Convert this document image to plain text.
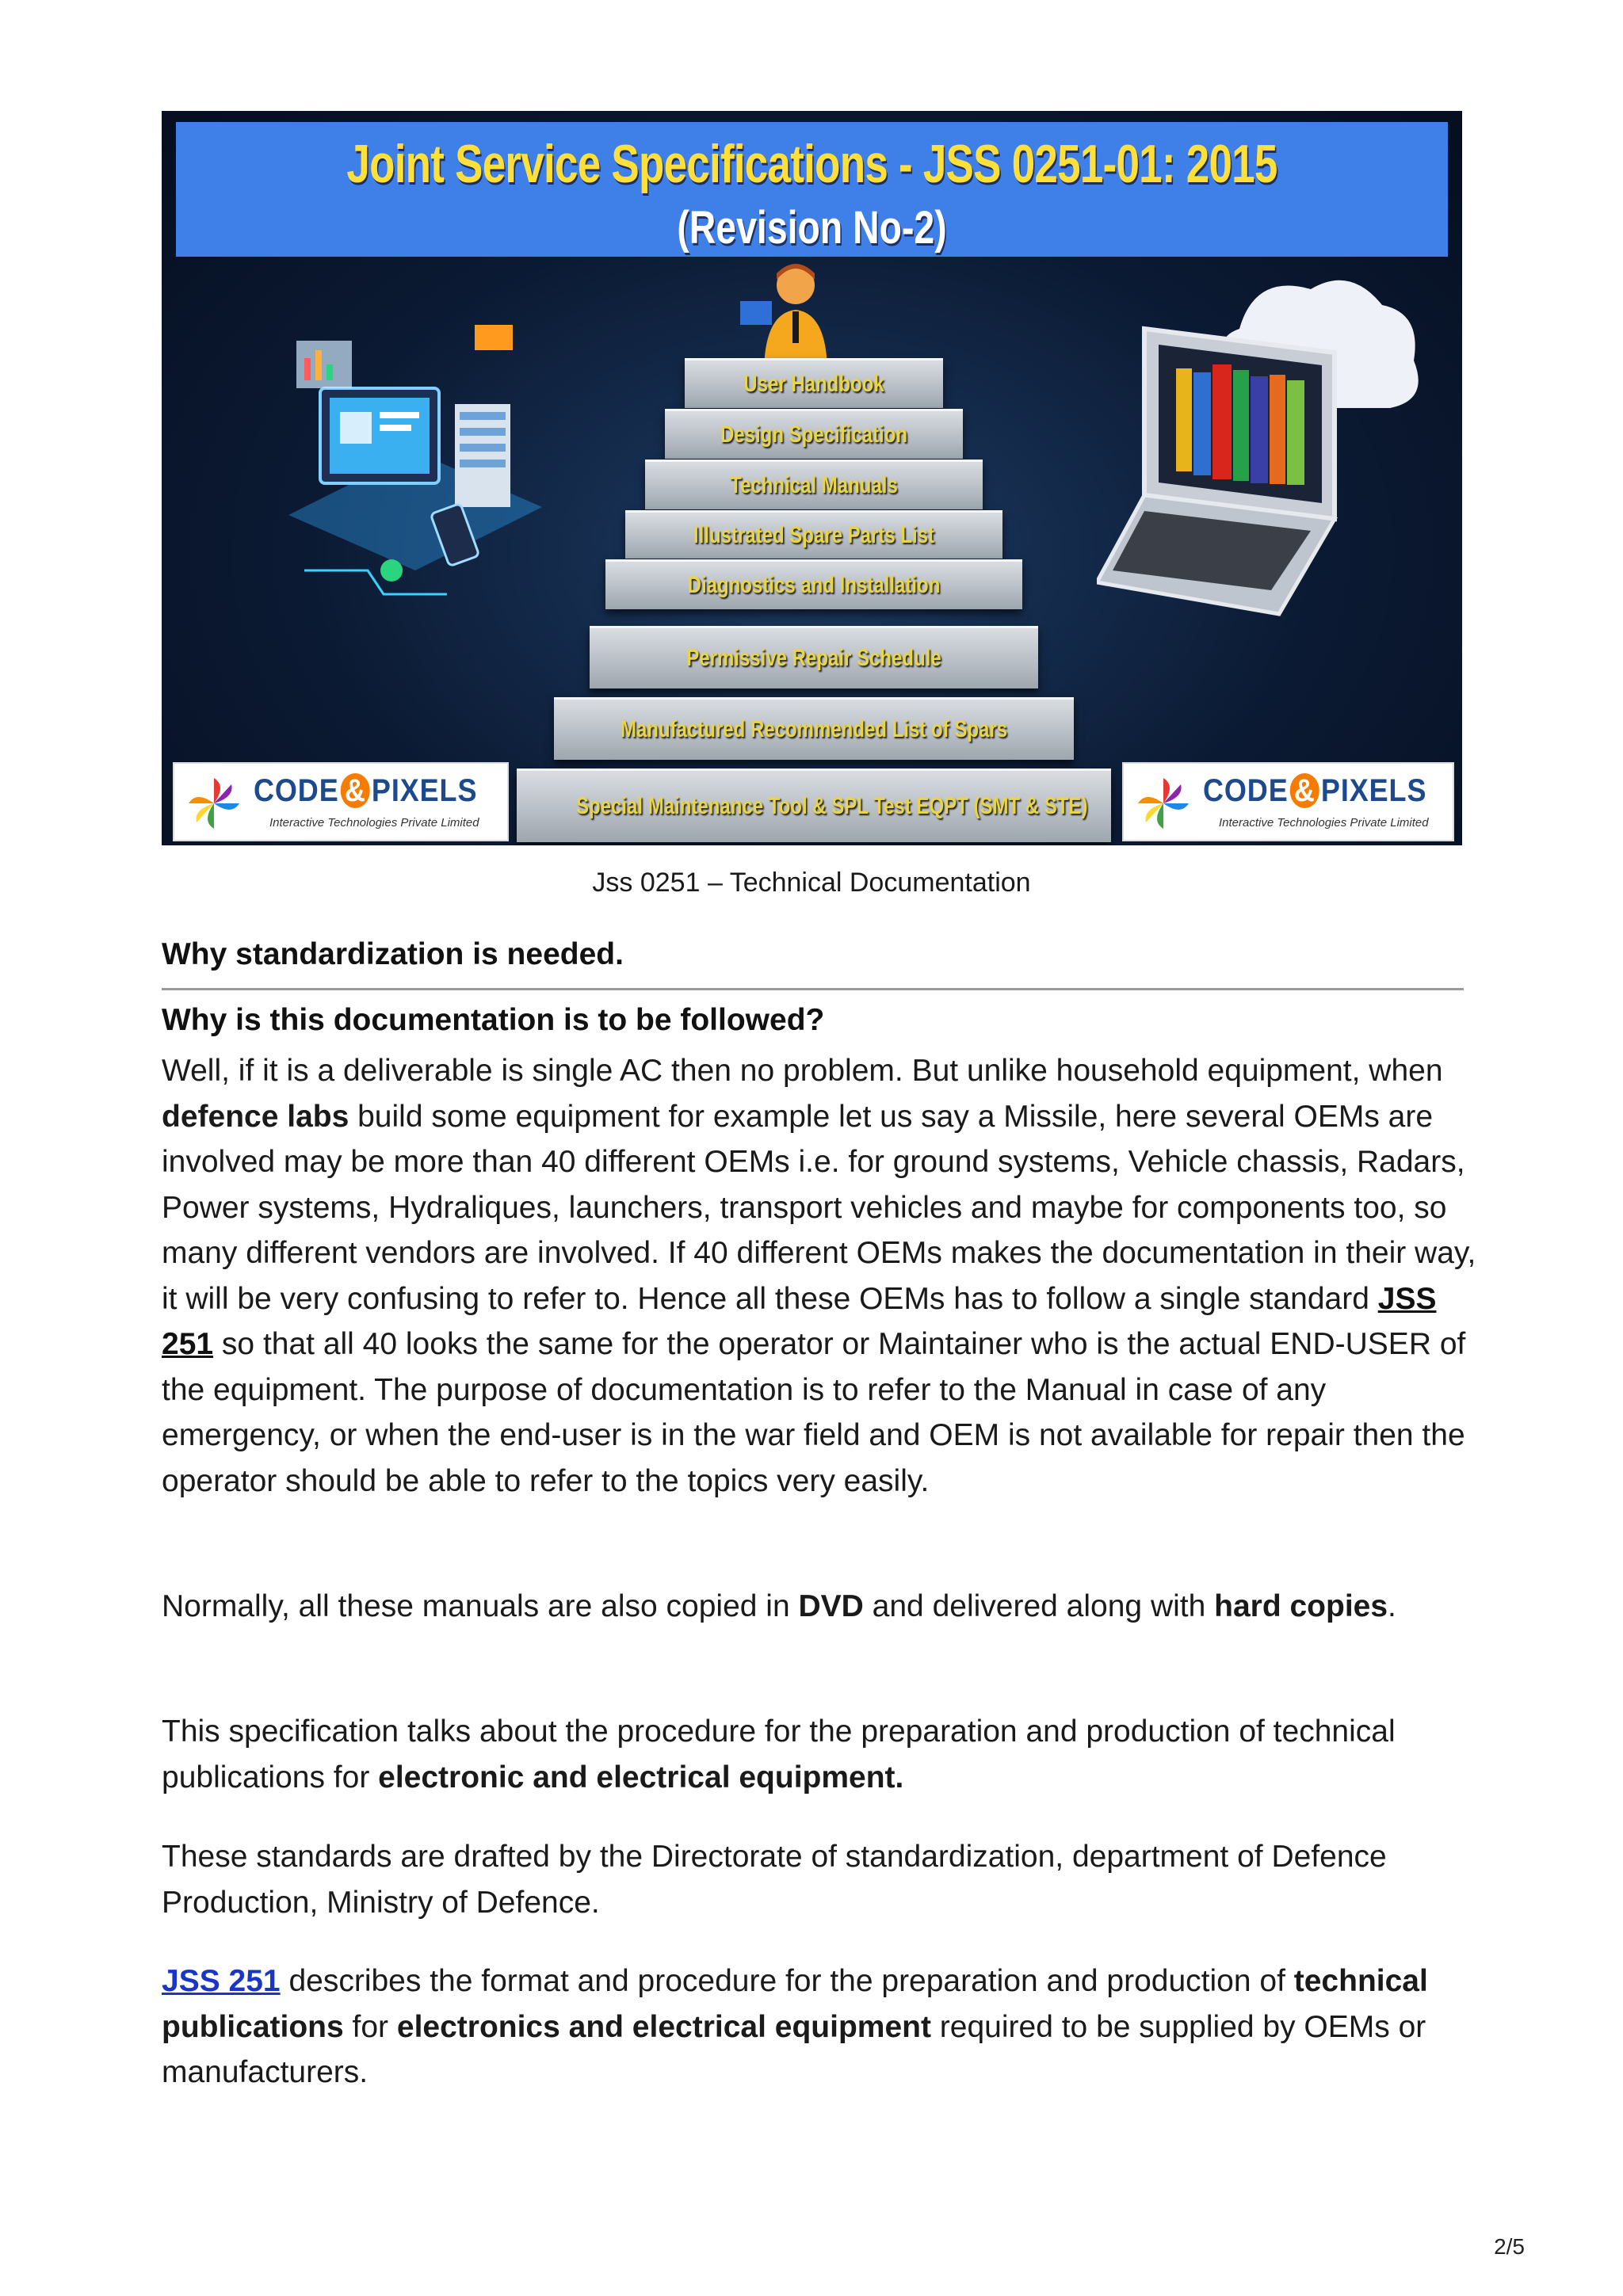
Joint Service Specifications - JSS 0251-01: 2015
(Revision No-2)
User Handbook
Design Specification
Technical Manuals
Illustrated Spare Parts List
Diagnostics and Installation
Permissive Repair Schedule
Manufactured Recommended List of Spars
Special Maintenance Tool & SPL Test EQPT (SMT & STE)
CODE & PIXELS
Interactive Technologies Private Limited
CODE & PIXELS
Interactive Technologies Private Limited
Jss 0251 – Technical Documentation
Why standardization is needed.
Why is this documentation is to be followed?
Well, if it is a deliverable is single AC then no problem. But unlike household equipment, when defence labs build some equipment for example let us say a Missile, here several OEMs are involved may be more than 40 different OEMs i.e. for ground systems, Vehicle chassis, Radars, Power systems, Hydraliques, launchers, transport vehicles and maybe for components too, so many different vendors are involved. If 40 different OEMs makes the documentation in their way, it will be very confusing to refer to. Hence all these OEMs has to follow a single standard JSS 251 so that all 40 looks the same for the operator or Maintainer who is the actual END-USER of the equipment. The purpose of documentation is to refer to the Manual in case of any emergency, or when the end-user is in the war field and OEM is not available for repair then the operator should be able to refer to the topics very easily.
Normally, all these manuals are also copied in DVD and delivered along with hard copies.
This specification talks about the procedure for the preparation and production of technical publications for electronic and electrical equipment.
These standards are drafted by the Directorate of standardization, department of Defence Production, Ministry of Defence.
JSS 251 describes the format and procedure for the preparation and production of technical publications for electronics and electrical equipment required to be supplied by OEMs or manufacturers.
2/5
